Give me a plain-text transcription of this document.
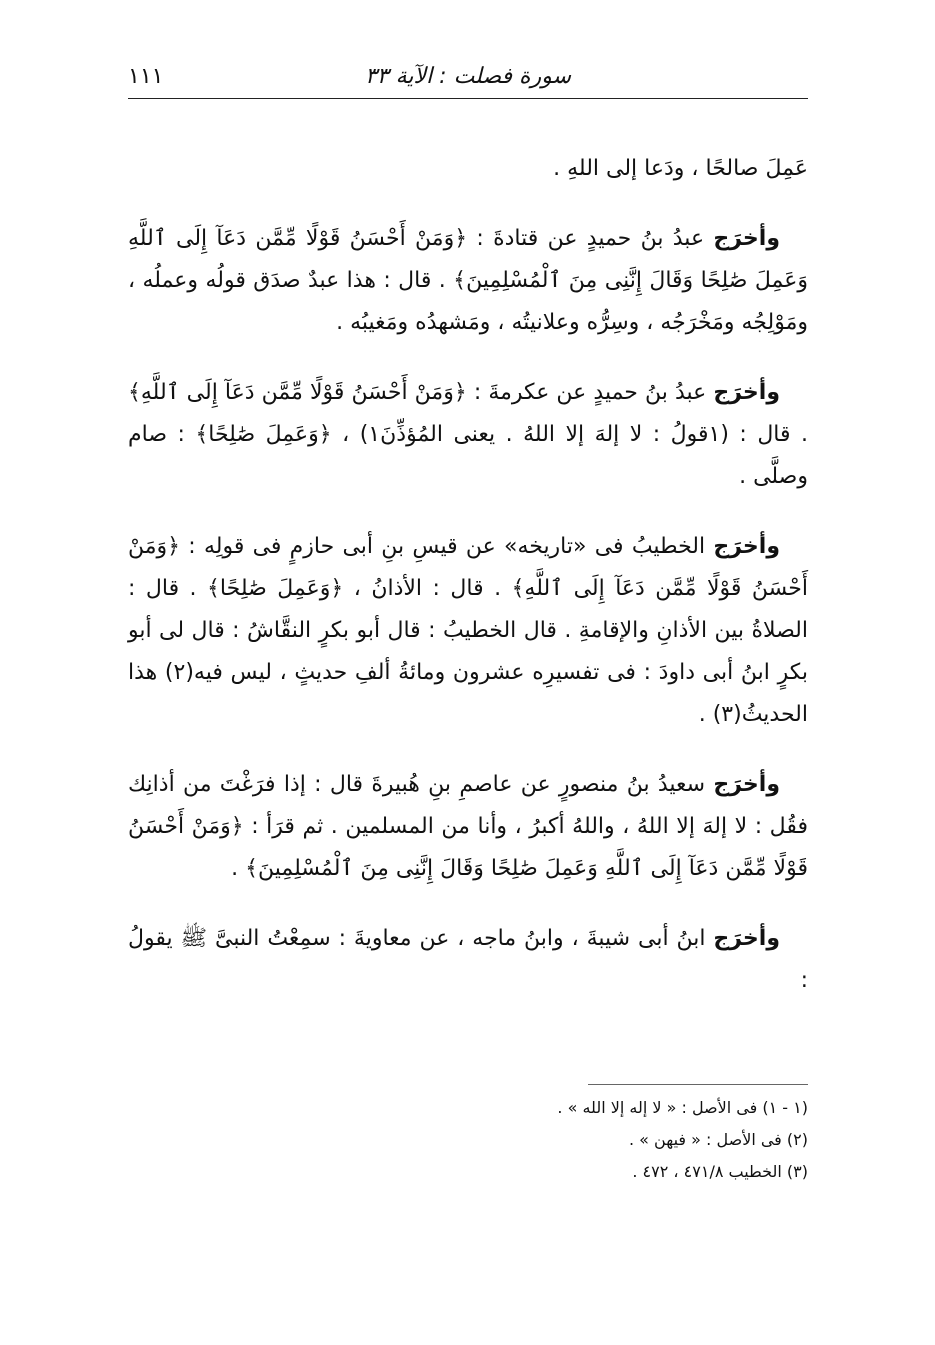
١١١	سورة فصلت : الآية ٣٣

عَمِلَ صالحًا ، ودَعا إلى اللهِ .

وأخرَج عبدُ بنُ حميدٍ عن قتادةَ : ﴿وَمَنْ أَحْسَنُ قَوْلًا مِّمَّن دَعَآ إِلَى ٱللَّهِ وَعَمِلَ صَٰلِحًا وَقَالَ إِنَّنِى مِنَ ٱلْمُسْلِمِينَ﴾ . قال : هذا عبدٌ صدَق قولُه وعملُه ، ومَوْلِجُه ومَخْرَجُه ، وسِرُّه وعلانيتُه ، ومَشهدُه ومَغيبُه .

وأخرَج عبدُ بنُ حميدٍ عن عكرمةَ : ﴿وَمَنْ أَحْسَنُ قَوْلًا مِّمَّن دَعَآ إِلَى ٱللَّهِ﴾ . قال : (١قولُ : لا إلهَ إلا اللهُ . يعنى المُؤذِّنَ١) ، ﴿وَعَمِلَ صَٰلِحًا﴾ : صام وصلَّى .

وأخرَج الخطيبُ فى «تاريخه» عن قيسِ بنِ أبى حازمٍ فى قولِه : ﴿وَمَنْ أَحْسَنُ قَوْلًا مِّمَّن دَعَآ إِلَى ٱللَّهِ﴾ . قال : الأذانُ ، ﴿وَعَمِلَ صَٰلِحًا﴾ . قال : الصلاةُ بين الأذانِ والإقامةِ . قال الخطيبُ : قال أبو بكرٍ النقَّاشُ : قال لى أبو بكرٍ ابنُ أبى داودَ : فى تفسيرِه عشرون ومائةُ ألفِ حديثٍ ، ليس فيه(٢) هذا الحديثُ(٣) .

وأخرَج سعيدُ بنُ منصورٍ عن عاصمِ بنِ هُبيرةَ قال : إذا فرَغْتَ من أذانِك فقُل : لا إلهَ إلا اللهُ ، واللهُ أكبرُ ، وأنا من المسلمين . ثم قرَأ : ﴿وَمَنْ أَحْسَنُ قَوْلًا مِّمَّن دَعَآ إِلَى ٱللَّهِ وَعَمِلَ صَٰلِحًا وَقَالَ إِنَّنِى مِنَ ٱلْمُسْلِمِينَ﴾ .

وأخرَج ابنُ أبى شيبةَ ، وابنُ ماجه ، عن معاويةَ : سمِعْتُ النبىَّ ﷺ يقولُ :

(١ - ١) فى الأصل : « لا إله إلا الله » .

(٢) فى الأصل : « فيهن » .

(٣) الخطيب ٤٧١/٨ ، ٤٧٢ .
